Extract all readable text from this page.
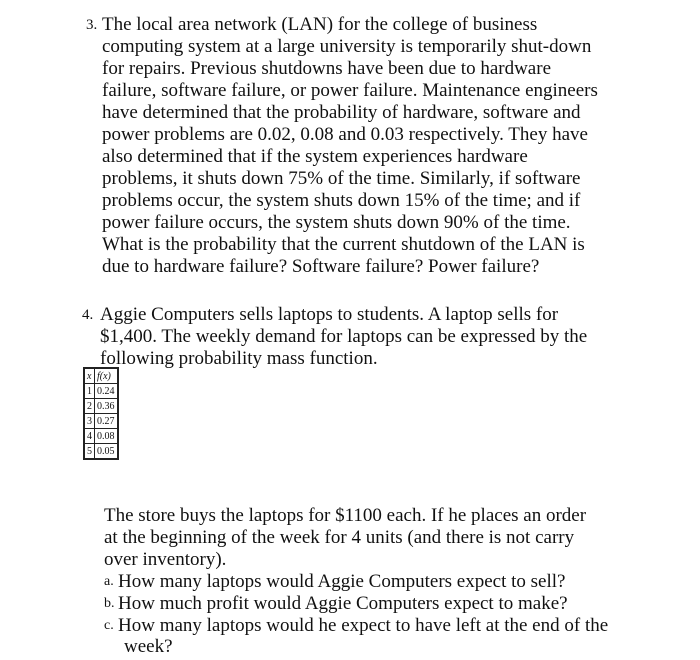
3. The local area network (LAN) for the college of business
computing system at a large university is temporarily shut-down
for repairs. Previous shutdowns have been due to hardware
failure, software failure, or power failure. Maintenance engineers
have determined that the probability of hardware, software and
power problems are 0.02, 0.08 and 0.03 respectively. They have
also determined that if the system experiences hardware
problems, it shuts down 75% of the time. Similarly, if software
problems occur, the system shuts down 15% of the time; and if
power failure occurs, the system shuts down 90% of the time.
What is the probability that the current shutdown of the LAN is
due to hardware failure? Software failure? Power failure?
4. Aggie Computers sells laptops to students. A laptop sells for
$1,400. The weekly demand for laptops can be expressed by the
following probability mass function.
x	f(x)
1	0.24
2	0.36
3	0.27
4	0.08
5	0.05
The store buys the laptops for $1100 each. If he places an order
at the beginning of the week for 4 units (and there is not carry
over inventory).
a. How many laptops would Aggie Computers expect to sell?
b. How much profit would Aggie Computers expect to make?
c. How many laptops would he expect to have left at the end of the
week?
